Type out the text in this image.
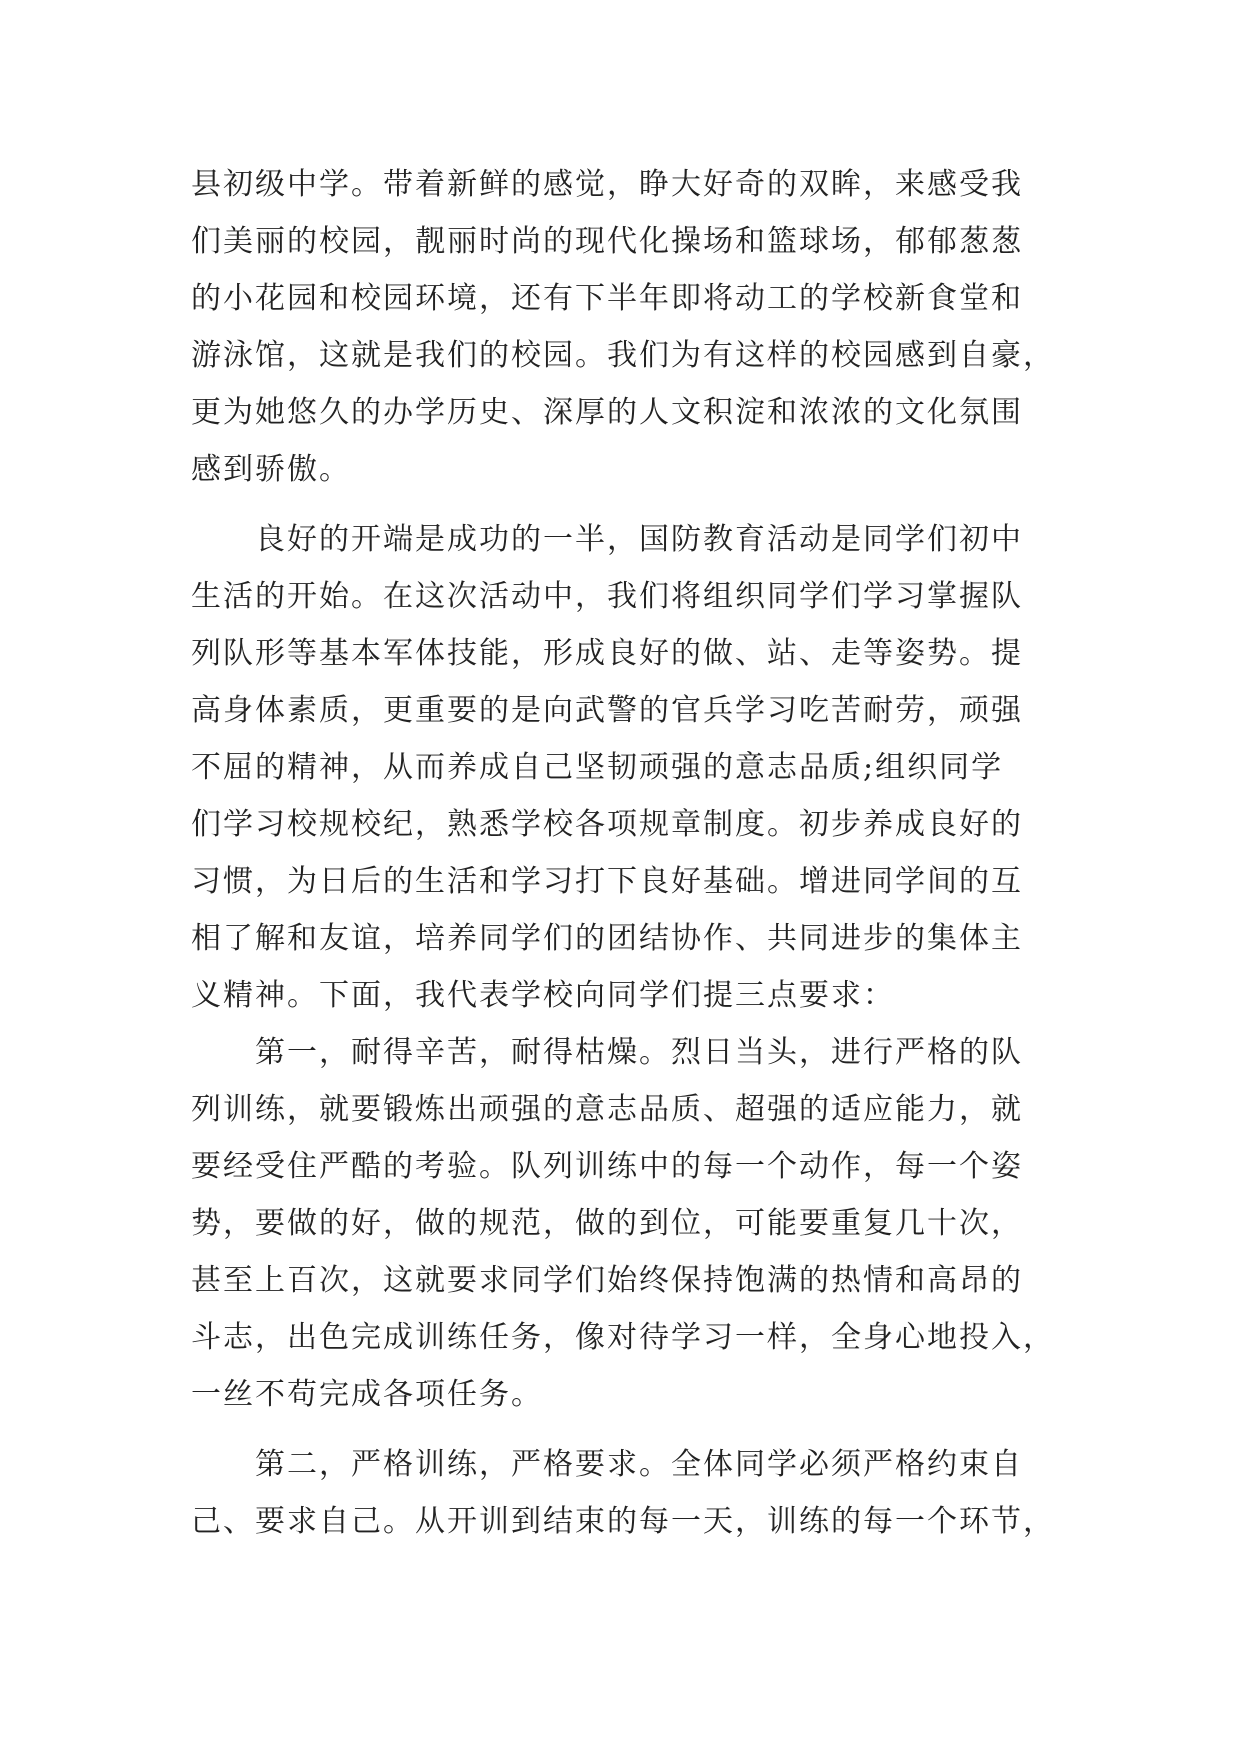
县初级中学。带着新鲜的感觉，睁大好奇的双眸，来感受我
们美丽的校园，靓丽时尚的现代化操场和篮球场，郁郁葱葱
的小花园和校园环境，还有下半年即将动工的学校新食堂和
游泳馆，这就是我们的校园。我们为有这样的校园感到自豪，
更为她悠久的办学历史、深厚的人文积淀和浓浓的文化氛围
感到骄傲。
良好的开端是成功的一半，国防教育活动是同学们初中
生活的开始。在这次活动中，我们将组织同学们学习掌握队
列队形等基本军体技能，形成良好的做、站、走等姿势。提
高身体素质，更重要的是向武警的官兵学习吃苦耐劳，顽强
不屈的精神，从而养成自己坚韧顽强的意志品质;组织同学
们学习校规校纪，熟悉学校各项规章制度。初步养成良好的
习惯，为日后的生活和学习打下良好基础。增进同学间的互
相了解和友谊，培养同学们的团结协作、共同进步的集体主
义精神。下面，我代表学校向同学们提三点要求：
第一，耐得辛苦，耐得枯燥。烈日当头，进行严格的队
列训练，就要锻炼出顽强的意志品质、超强的适应能力，就
要经受住严酷的考验。队列训练中的每一个动作，每一个姿
势，要做的好，做的规范，做的到位，可能要重复几十次，
甚至上百次，这就要求同学们始终保持饱满的热情和高昂的
斗志，出色完成训练任务，像对待学习一样，全身心地投入，
一丝不苟完成各项任务。
第二，严格训练，严格要求。全体同学必须严格约束自
己、要求自己。从开训到结束的每一天，训练的每一个环节，
